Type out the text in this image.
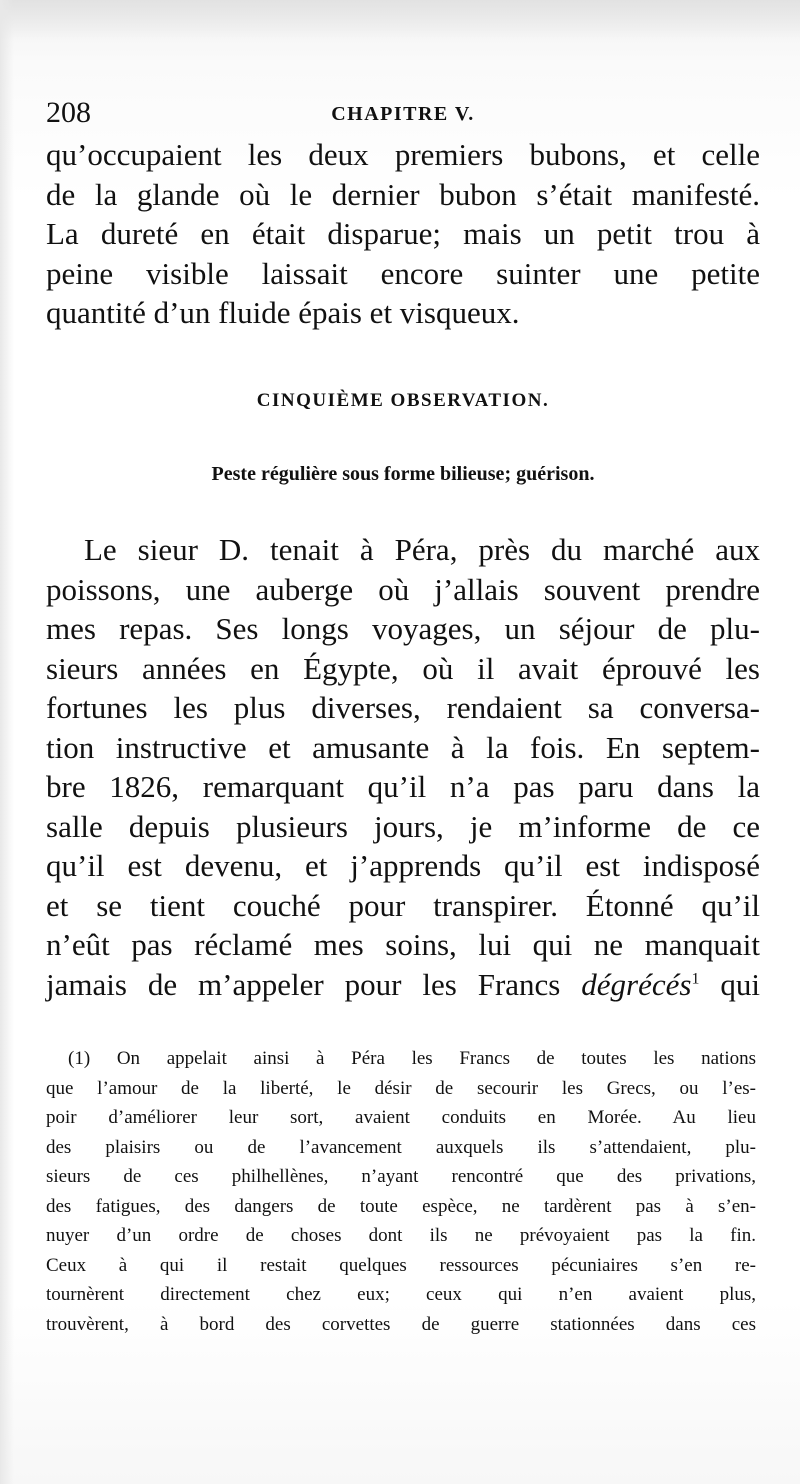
208	CHAPITRE V.
qu’occupaient les deux premiers bubons, et celle
de la glande où le dernier bubon s’était manifesté.
La dureté en était disparue; mais un petit trou à
peine visible laissait encore suinter une petite
quantité d’un fluide épais et visqueux.
CINQUIÈME OBSERVATION.
Peste régulière sous forme bilieuse; guérison.
Le sieur D. tenait à Péra, près du marché aux
poissons, une auberge où j’allais souvent prendre
mes repas. Ses longs voyages, un séjour de plu-
sieurs années en Égypte, où il avait éprouvé les
fortunes les plus diverses, rendaient sa conversa-
tion instructive et amusante à la fois. En septem-
bre 1826, remarquant qu’il n’a pas paru dans la
salle depuis plusieurs jours, je m’informe de ce
qu’il est devenu, et j’apprends qu’il est indisposé
et se tient couché pour transpirer. Étonné qu’il
n’eût pas réclamé mes soins, lui qui ne manquait
jamais de m’appeler pour les Francs dégrécés$^1$ qui
(1) On appelait ainsi à Péra les Francs de toutes les nations
que l’amour de la liberté, le désir de secourir les Grecs, ou l’es-
poir d’améliorer leur sort, avaient conduits en Morée. Au lieu
des plaisirs ou de l’avancement auxquels ils s’attendaient, plu-
sieurs de ces philhellènes, n’ayant rencontré que des privations,
des fatigues, des dangers de toute espèce, ne tardèrent pas à s’en-
nuyer d’un ordre de choses dont ils ne prévoyaient pas la fin.
Ceux à qui il restait quelques ressources pécuniaires s’en re-
tournèrent directement chez eux; ceux qui n’en avaient plus,
trouvèrent, à bord des corvettes de guerre stationnées dans ces
